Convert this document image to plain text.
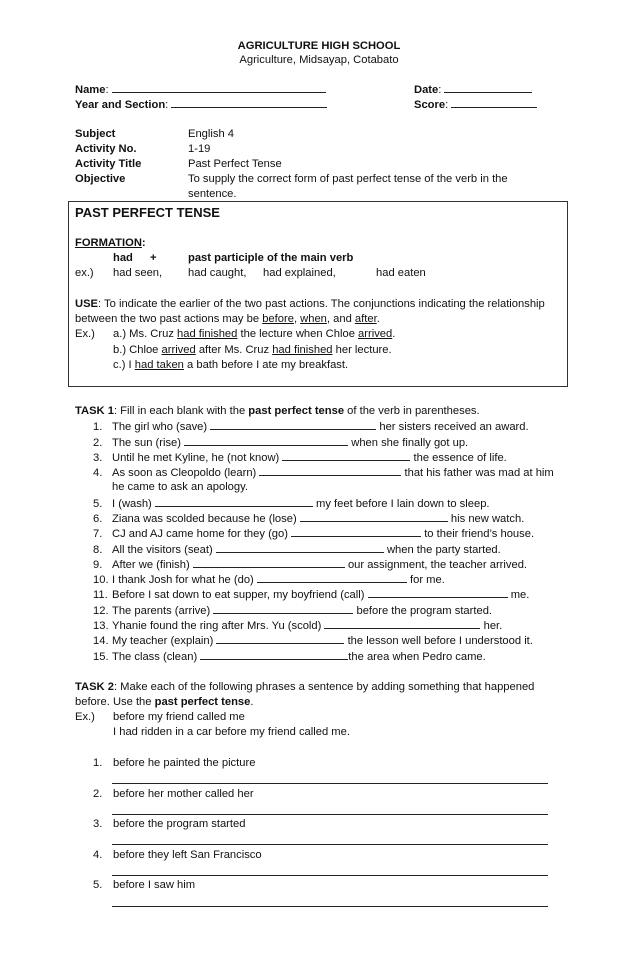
AGRICULTURE HIGH SCHOOL
Agriculture, Midsayap, Cotabato
Name:	Date:
Year and Section:	Score:
Subject	English 4
Activity No.	1-19
Activity Title	Past Perfect Tense
Objective	To supply the correct form of past perfect tense of the verb in the
sentence.
PAST PERFECT TENSE
FORMATION:
had +	past participle of the main verb
ex.) had seen, had caught, had explained,	had eaten
USE: To indicate the earlier of the two past actions. The conjunctions indicating the relationship
between the two past actions may be before, when, and after.
Ex.) a.) Ms. Cruz had finished the lecture when Chloe arrived.
b.) Chloe arrived after Ms. Cruz had finished her lecture.
c.) I had taken a bath before I ate my breakfast.
TASK 1: Fill in each blank with the past perfect tense of the verb in parentheses.
1. The girl who (save)	her sisters received an award.
2. The sun (rise)	when she finally got up.
3. Until he met Kyline, he (not know)	the essence of life.
4. As soon as Cleopoldo (learn)	that his father was mad at him
he came to ask an apology.
5. I (wash)	my feet before I lain down to sleep.
6. Ziana was scolded because he (lose)	his new watch.
7. CJ and AJ came home for they (go)	to their friend’s house.
8. All the visitors (seat)	when the party started.
9. After we (finish)	our assignment, the teacher arrived.
10. I thank Josh for what he (do)	for me.
11. Before I sat down to eat supper, my boyfriend (call)	me.
12. The parents (arrive)	before the program started.
13. Yhanie found the ring after Mrs. Yu (scold)	her.
14. My teacher (explain)	the lesson well before I understood it.
15. The class (clean)	the area when Pedro came.
TASK 2: Make each of the following phrases a sentence by adding something that happened
before. Use the past perfect tense.
Ex.) before my friend called me
I had ridden in a car before my friend called me.
1. before he painted the picture
2. before her mother called her
3. before the program started
4. before they left San Francisco
5. before I saw him
